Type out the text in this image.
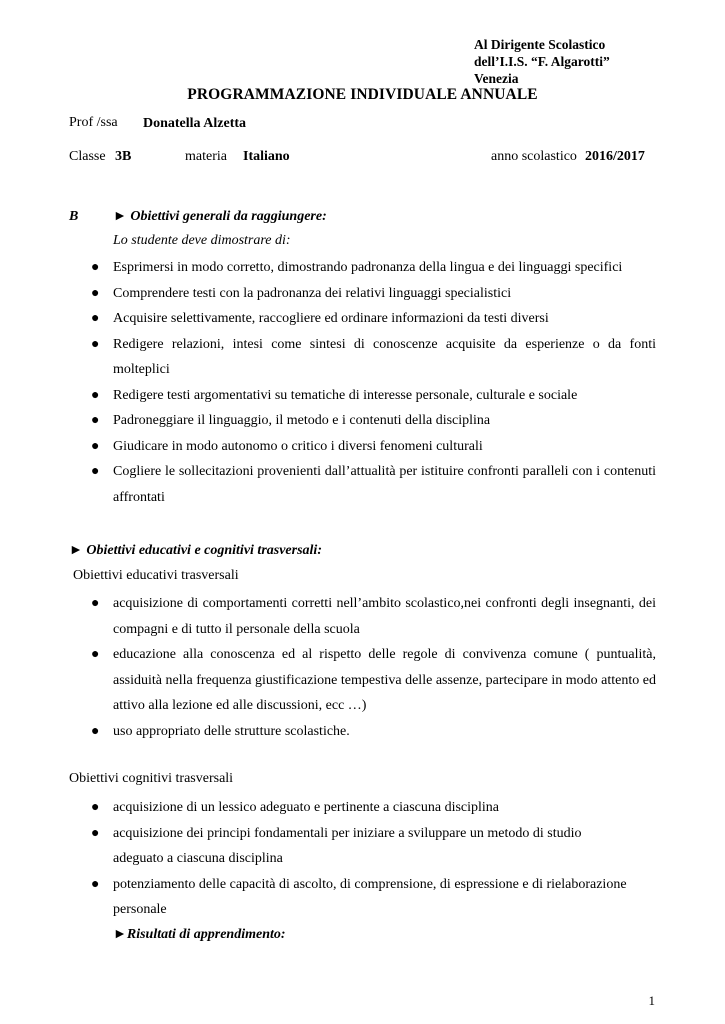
Al Dirigente Scolastico
dell’I.I.S. “F. Algarotti”
Venezia
PROGRAMMAZIONE INDIVIDUALE ANNUALE
Prof /ssa Donatella Alzetta
Classe 3B	materia Italiano	anno scolastico 2016/2017
B ► Obiettivi generali da raggiungere:
Lo studente deve dimostrare di:
● Esprimersi in modo corretto, dimostrando padronanza della lingua e dei linguaggi specifici
● Comprendere testi con la padronanza dei relativi linguaggi specialistici
● Acquisire selettivamente, raccogliere ed ordinare informazioni da testi diversi
● Redigere relazioni, intesi come sintesi di conoscenze acquisite da esperienze o da fonti molteplici
● Redigere testi argomentativi su tematiche di interesse personale, culturale e sociale
● Padroneggiare il linguaggio, il metodo e i contenuti della disciplina
● Giudicare in modo autonomo o critico i diversi fenomeni culturali
● Cogliere le sollecitazioni provenienti dall’attualità per istituire confronti paralleli con i contenuti affrontati
► Obiettivi educativi e cognitivi trasversali:
Obiettivi educativi trasversali
● acquisizione di comportamenti corretti nell’ambito scolastico,nei confronti degli insegnanti, dei compagni e di tutto il personale della scuola
● educazione alla conoscenza ed al rispetto delle regole di convivenza comune ( puntualità, assiduità nella frequenza giustificazione tempestiva delle assenze, partecipare in modo attento ed attivo alla lezione ed alle discussioni, ecc …)
● uso appropriato delle strutture scolastiche.
Obiettivi cognitivi trasversali
● acquisizione di un lessico adeguato e pertinente a ciascuna disciplina
● acquisizione dei principi fondamentali per iniziare a sviluppare un metodo di studio adeguato a ciascuna disciplina
● potenziamento delle capacità di ascolto, di comprensione, di espressione e di rielaborazione personale
►Risultati di apprendimento:
1
